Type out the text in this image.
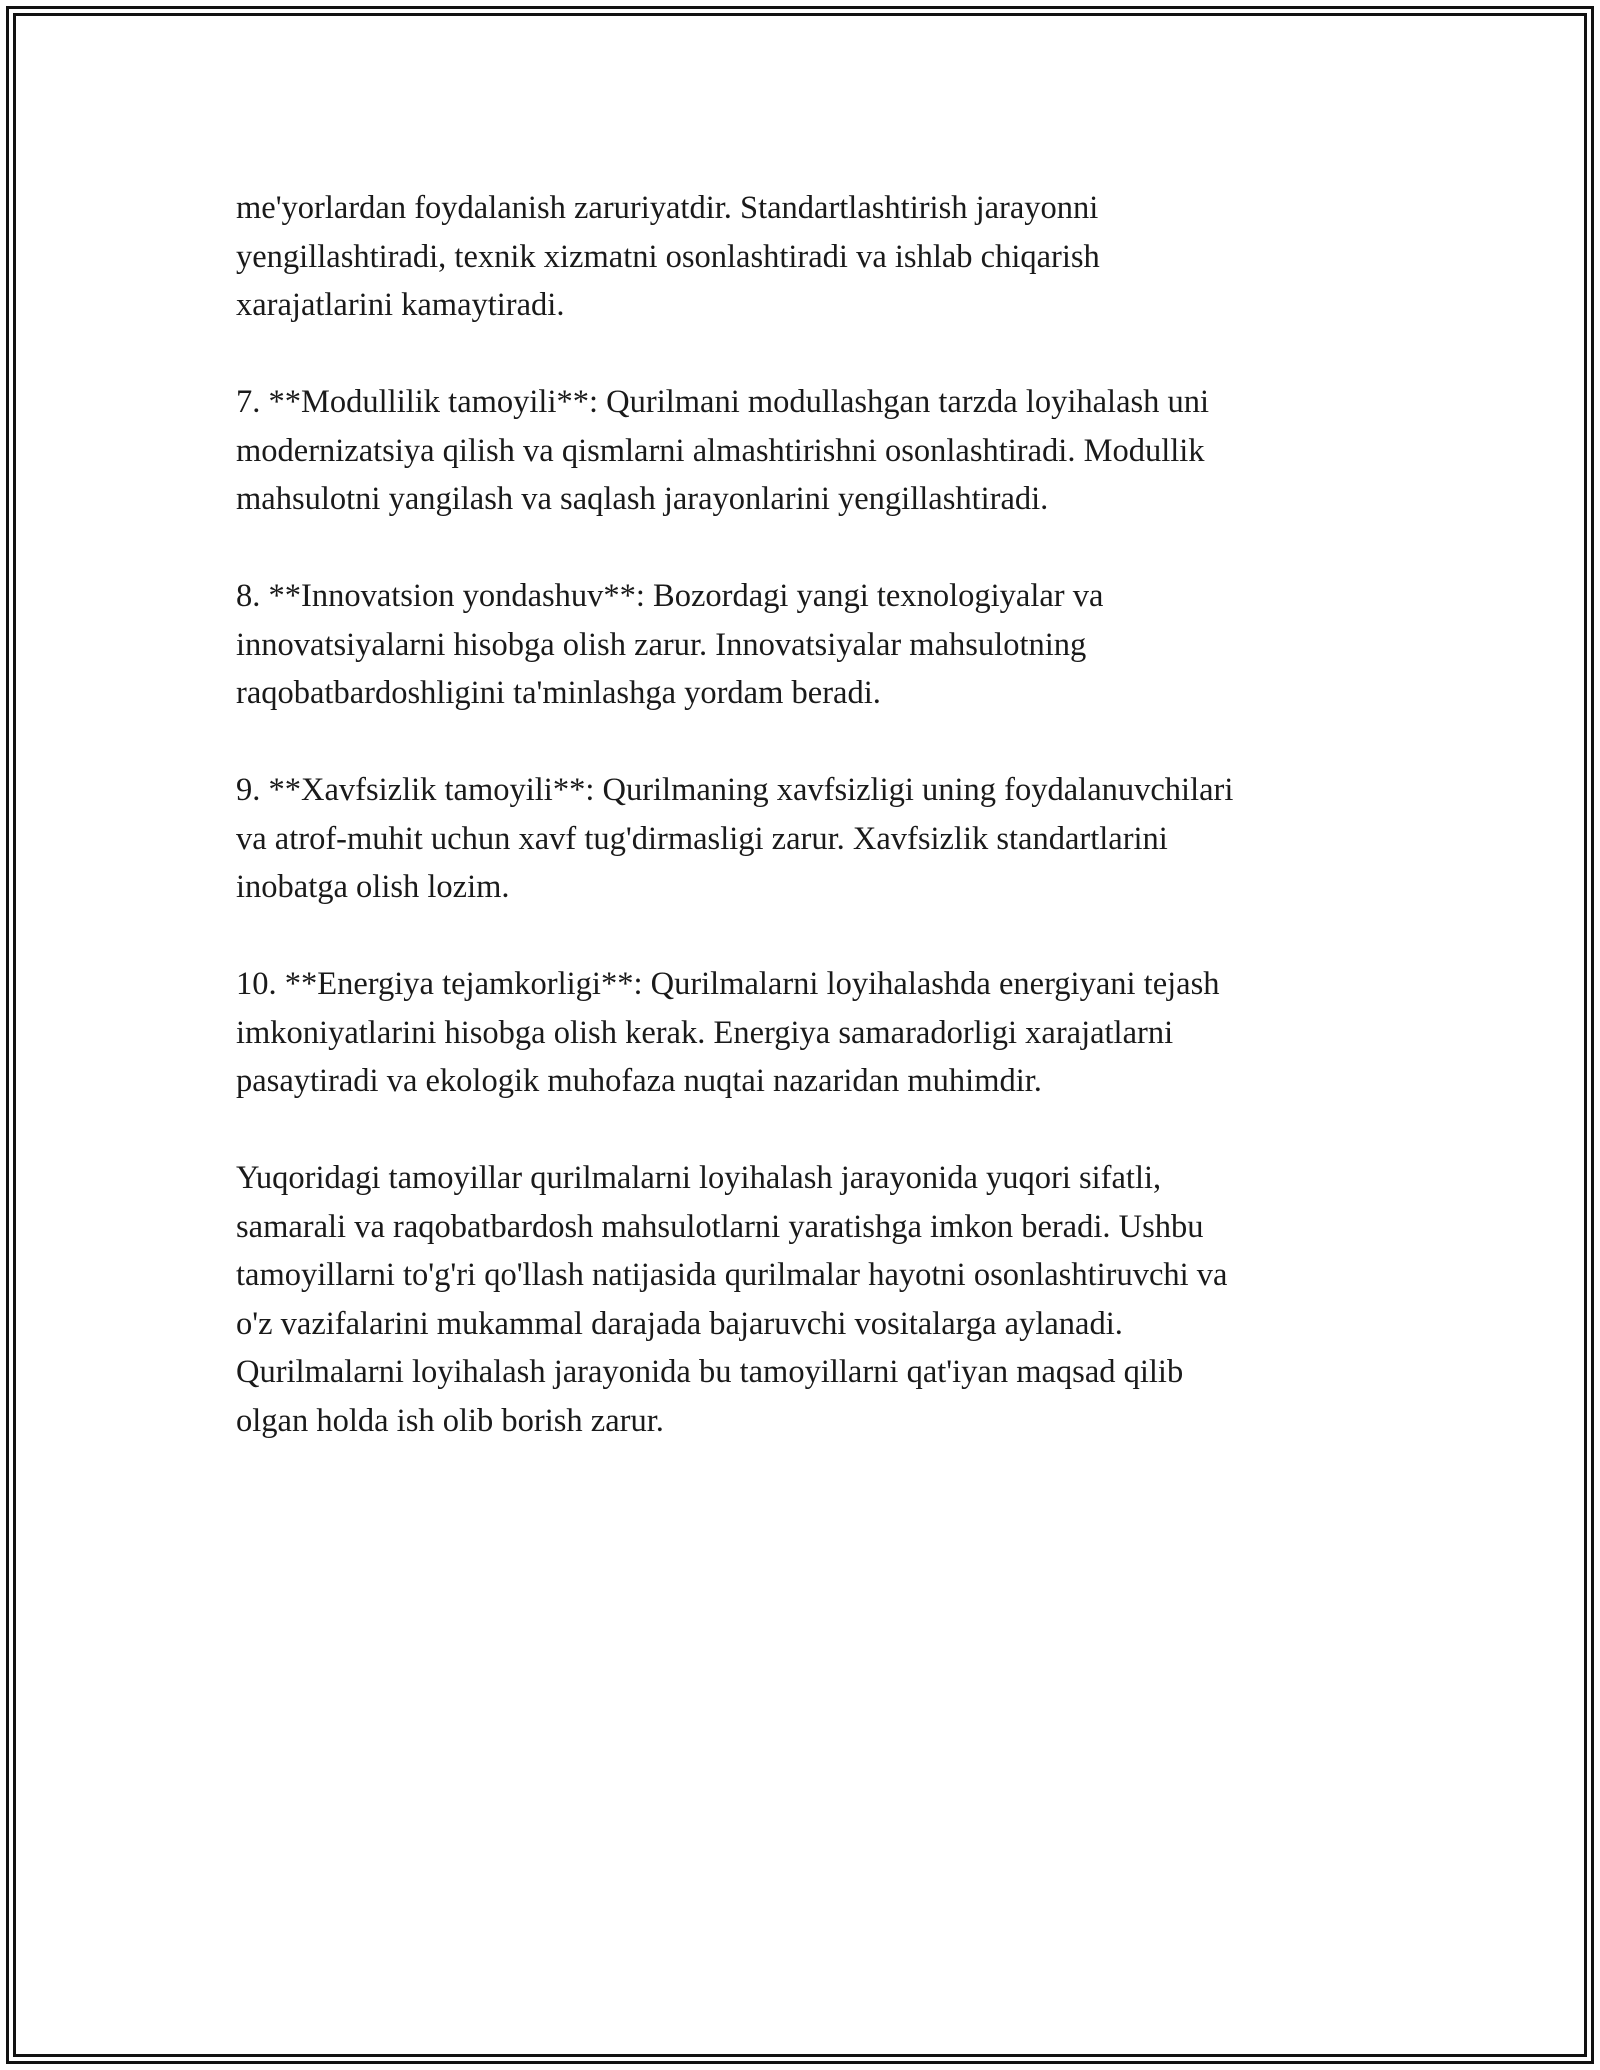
me'yorlardan foydalanish zaruriyatdir. Standartlashtirish jarayonni
yengillashtiradi, texnik xizmatni osonlashtiradi va ishlab chiqarish
xarajatlarini kamaytiradi.

7. **Modullilik tamoyili**: Qurilmani modullashgan tarzda loyihalash uni
modernizatsiya qilish va qismlarni almashtirishni osonlashtiradi. Modullik
mahsulotni yangilash va saqlash jarayonlarini yengillashtiradi.

8. **Innovatsion yondashuv**: Bozordagi yangi texnologiyalar va
innovatsiyalarni hisobga olish zarur. Innovatsiyalar mahsulotning
raqobatbardoshligini ta'minlashga yordam beradi.

9. **Xavfsizlik tamoyili**: Qurilmaning xavfsizligi uning foydalanuvchilari
va atrof-muhit uchun xavf tug'dirmasligi zarur. Xavfsizlik standartlarini
inobatga olish lozim.

10. **Energiya tejamkorligi**: Qurilmalarni loyihalashda energiyani tejash
imkoniyatlarini hisobga olish kerak. Energiya samaradorligi xarajatlarni
pasaytiradi va ekologik muhofaza nuqtai nazaridan muhimdir.

Yuqoridagi tamoyillar qurilmalarni loyihalash jarayonida yuqori sifatli,
samarali va raqobatbardosh mahsulotlarni yaratishga imkon beradi. Ushbu
tamoyillarni to'g'ri qo'llash natijasida qurilmalar hayotni osonlashtiruvchi va
o'z vazifalarini mukammal darajada bajaruvchi vositalarga aylanadi.
Qurilmalarni loyihalash jarayonida bu tamoyillarni qat'iyan maqsad qilib
olgan holda ish olib borish zarur.
